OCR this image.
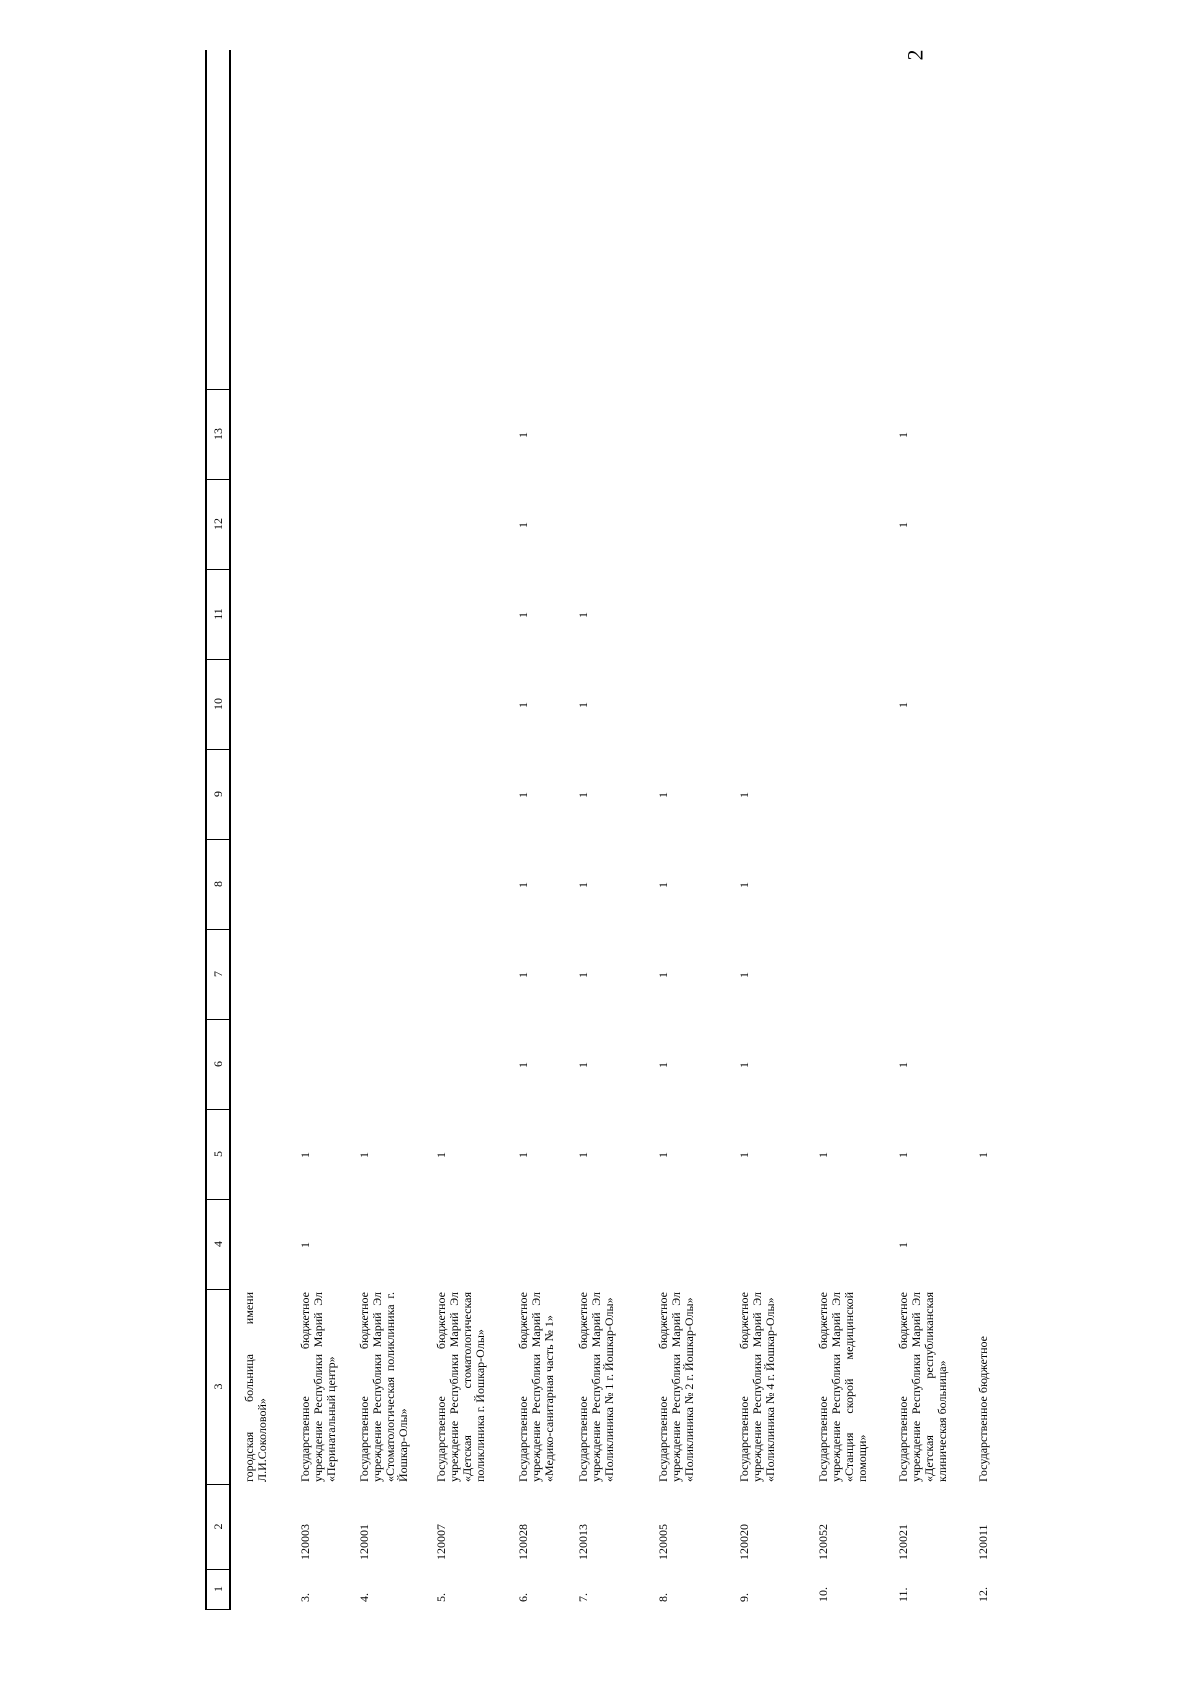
2
1
2
3
4
5
6
7
8
9
10
11
12
13
городская больница имени Л.И.Соколовой»
3.
120003
Государственное бюджетное учреждение Республики Марий Эл «Перинатальный центр»
1
1
4.
120001
Государственное бюджетное учреждение Республики Марий Эл «Стоматологическая поликлиника г. Йошкар-Олы»
1
5.
120007
Государственное бюджетное учреждение Республики Марий Эл «Детская стоматологическая поликлиника г. Йошкар-Олы»
1
6.
120028
Государственное бюджетное учреждение Республики Марий Эл «Медико-санитарная часть № 1»
1
1
1
1
1
1
1
1
1
7.
120013
Государственное бюджетное учреждение Республики Марий Эл «Поликлиника № 1 г. Йошкар-Олы»
1
1
1
1
1
1
1
8.
120005
Государственное бюджетное учреждение Республики Марий Эл «Поликлиника № 2 г. Йошкар-Олы»
1
1
1
1
1
9.
120020
Государственное бюджетное учреждение Республики Марий Эл «Поликлиника № 4 г. Йошкар-Олы»
1
1
1
1
1
10.
120052
Государственное бюджетное учреждение Республики Марий Эл «Станция скорой медицинской помощи»
1
11.
120021
Государственное бюджетное учреждение Республики Марий Эл «Детская республиканская клиническая больница»
1
1
1
1
1
1
12.
120011
Государственное бюджетное
1
